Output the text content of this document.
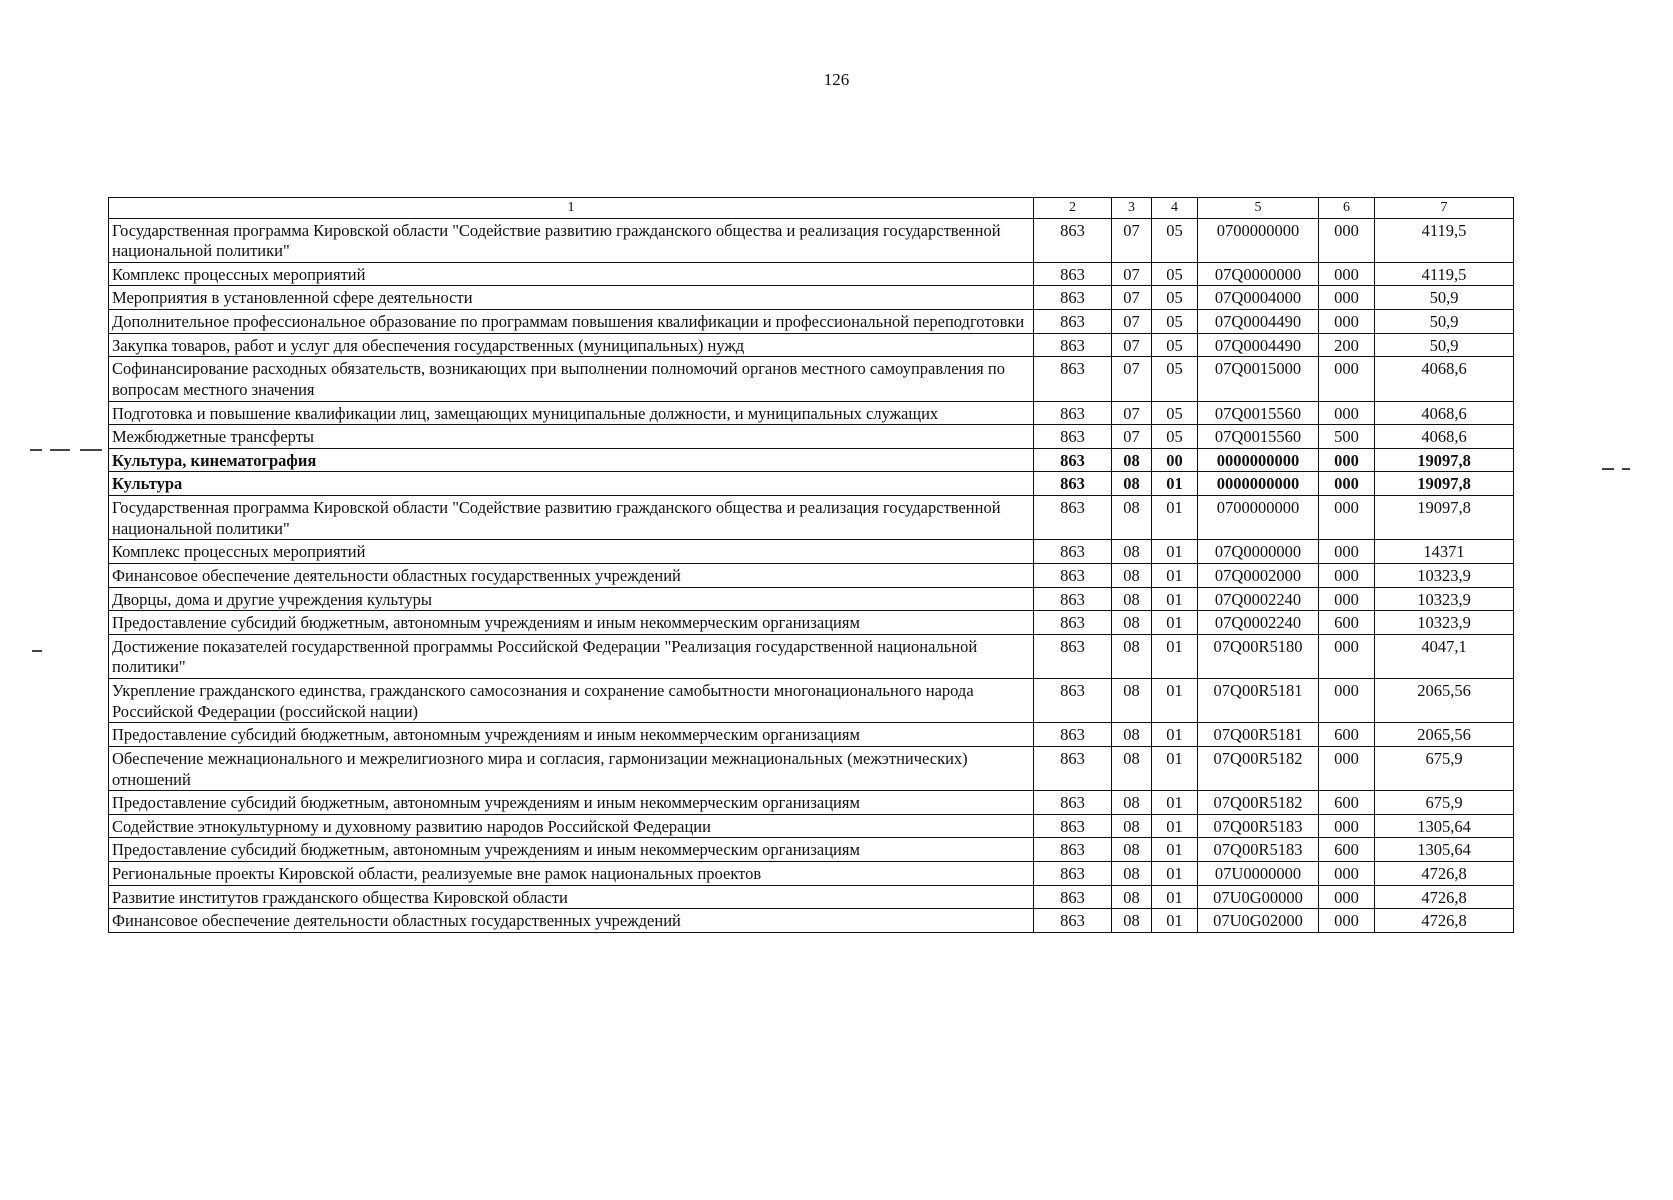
126
1	2	3	4	5	6	7
Государственная программа Кировской области "Содействие развитию гражданского общества и реализация государственной национальной политики"	863	07	05	0700000000	000	4119,5
Комплекс процессных мероприятий	863	07	05	07Q0000000	000	4119,5
Мероприятия в установленной сфере деятельности	863	07	05	07Q0004000	000	50,9
Дополнительное профессиональное образование по программам повышения квалификации и профессиональной переподготовки	863	07	05	07Q0004490	000	50,9
Закупка товаров, работ и услуг для обеспечения государственных (муниципальных) нужд	863	07	05	07Q0004490	200	50,9
Софинансирование расходных обязательств, возникающих при выполнении полномочий органов местного самоуправления по вопросам местного значения	863	07	05	07Q0015000	000	4068,6
Подготовка и повышение квалификации лиц, замещающих муниципальные должности, и муниципальных служащих	863	07	05	07Q0015560	000	4068,6
Межбюджетные трансферты	863	07	05	07Q0015560	500	4068,6
Культура, кинематография	863	08	00	0000000000	000	19097,8
Культура	863	08	01	0000000000	000	19097,8
Государственная программа Кировской области "Содействие развитию гражданского общества и реализация государственной национальной политики"	863	08	01	0700000000	000	19097,8
Комплекс процессных мероприятий	863	08	01	07Q0000000	000	14371
Финансовое обеспечение деятельности областных государственных учреждений	863	08	01	07Q0002000	000	10323,9
Дворцы, дома и другие учреждения культуры	863	08	01	07Q0002240	000	10323,9
Предоставление субсидий бюджетным, автономным учреждениям и иным некоммерческим организациям	863	08	01	07Q0002240	600	10323,9
Достижение показателей государственной программы Российской Федерации "Реализация государственной национальной политики"	863	08	01	07Q00R5180	000	4047,1
Укрепление гражданского единства, гражданского самосознания и сохранение самобытности многонационального народа Российской Федерации (российской нации)	863	08	01	07Q00R5181	000	2065,56
Предоставление субсидий бюджетным, автономным учреждениям и иным некоммерческим организациям	863	08	01	07Q00R5181	600	2065,56
Обеспечение межнационального и межрелигиозного мира и согласия, гармонизации межнациональных (межэтнических) отношений	863	08	01	07Q00R5182	000	675,9
Предоставление субсидий бюджетным, автономным учреждениям и иным некоммерческим организациям	863	08	01	07Q00R5182	600	675,9
Содействие этнокультурному и духовному развитию народов Российской Федерации	863	08	01	07Q00R5183	000	1305,64
Предоставление субсидий бюджетным, автономным учреждениям и иным некоммерческим организациям	863	08	01	07Q00R5183	600	1305,64
Региональные проекты Кировской области, реализуемые вне рамок национальных проектов	863	08	01	07U0000000	000	4726,8
Развитие институтов гражданского общества Кировской области	863	08	01	07U0G00000	000	4726,8
Финансовое обеспечение деятельности областных государственных учреждений	863	08	01	07U0G02000	000	4726,8
